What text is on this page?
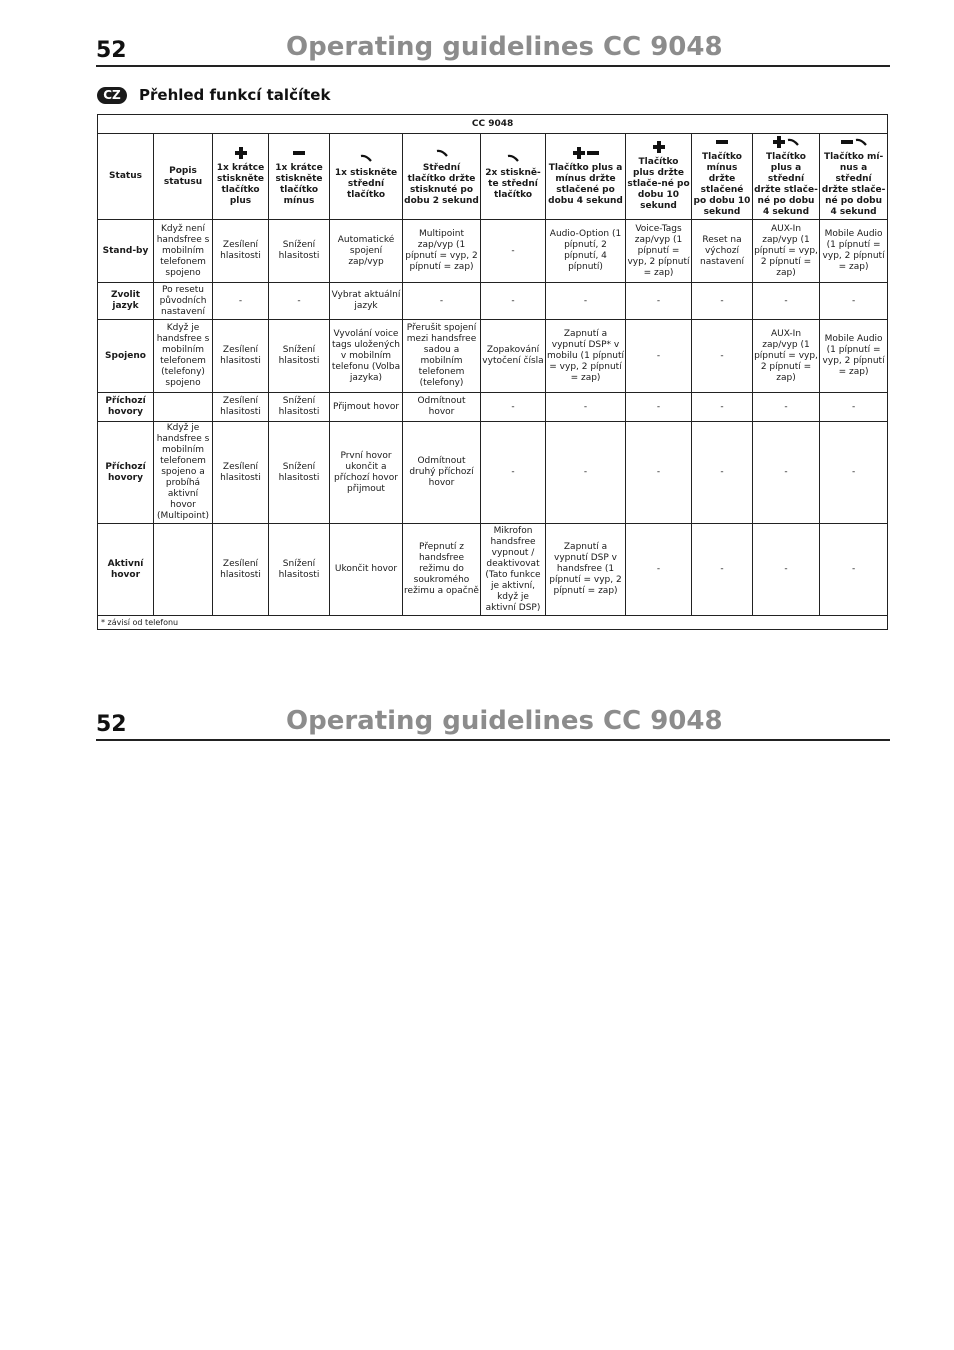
52	Operating guidelines CC 9048
CZ	Přehled funkcí talčítek
CC 9048											

Status	Popis statusu	1x krátce stiskněte tlačítko plus	1x krátce stiskněte tlačítko mínus	1x stiskněte střední tlačítko	Střední tlačítko držte stisknuté po dobu 2 sekund	2x stiskně-te střední tlačítko	Tlačítko plus a mínus držte stlačené po dobu 4 sekund	Tlačítko plus držte stlače-né po dobu 10 sekund	Tlačítko mínus držte stlačené po dobu 10 sekund	Tlačítko plus a střední držte stlače-né po dobu 4 sekund	Tlačítko mí-nus a střední držte stlače-né po dobu 4 sekund

Stand-by	Když není handsfree s mobilním telefonem spojeno	Zesílení hlasitosti	Snížení hlasitosti	Automatické spojení zap/vyp	Multipoint zap/vyp (1 pípnutí = vyp, 2 pípnutí = zap)	-	Audio-Option (1 pípnutí, 2 pípnutí, 4 pípnutí)	Voice-Tags zap/vyp (1 pípnutí = vyp, 2 pípnutí = zap)	Reset na výchozí nastavení	AUX-In zap/vyp (1 pípnutí = vyp, 2 pípnutí = zap)	Mobile Audio (1 pípnutí = vyp, 2 pípnutí = zap)
Zvolit jazyk	Po resetu původních nastavení	-	-	Vybrat aktuální jazyk	-	-	-	-	-	-	-
Spojeno	Když je handsfree s mobilním telefonem (telefony) spojeno	Zesílení hlasitosti	Snížení hlasitosti	Vyvolání voice tags uložených v mobilním telefonu (Volba jazyka)	Přerušit spojení mezi handsfree sadou a mobilním telefonem (telefony)	Zopakování vytočení čísla	Zapnutí a vypnutí DSP* v mobilu (1 pípnutí = vyp, 2 pípnutí = zap)	-	-	AUX-In zap/vyp (1 pípnutí = vyp, 2 pípnutí = zap)	Mobile Audio (1 pípnutí = vyp, 2 pípnutí = zap)
Příchozí hovory		Zesílení hlasitosti	Snížení hlasitosti	Přijmout hovor	Odmítnout hovor	-	-	-	-	-	-
Příchozí hovory	Když je handsfree s mobilním telefonem spojeno a probíhá aktivní hovor (Multipoint)	Zesílení hlasitosti	Snížení hlasitosti	První hovor ukončit a příchozí hovor přijmout	Odmítnout druhý příchozí hovor	-	-	-	-	-	-
Aktivní hovor		Zesílení hlasitosti	Snížení hlasitosti	Ukončit hovor	Přepnutí z handsfree režimu do soukromého režimu a opačně	Mikrofon handsfree vypnout / deaktivovat (Tato funkce je aktivní, když je aktivní DSP)	Zapnutí a vypnutí DSP v handsfree (1 pípnutí = vyp, 2 pípnutí = zap)	-	-	-	-
* závisí od telefonu											
52	Operating guidelines CC 9048
